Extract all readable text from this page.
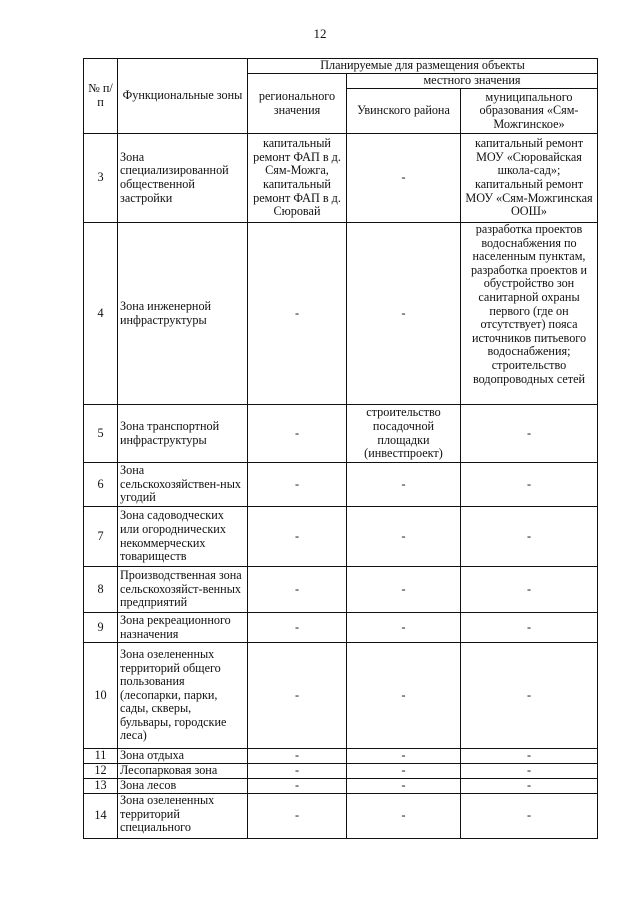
12
№ п/п	Функциональные зоны	Планируемые для размещения объекты		
		регионального значения	местного значения	
			Увинского района	муниципального образования «Сям-Можгинское»
3	Зона специализированной общественной застройки	капитальный ремонт ФАП в д. Сям-Можга, капитальный ремонт ФАП в д. Сюровай	-	капитальный ремонт МОУ «Сюровайская школа-сад»; капитальный ремонт МОУ «Сям-Можгинская ООШ»
4	Зона инженерной инфраструктуры	-	-	разработка проектов водоснабжения по населенным пунктам, разработка проектов и обустройство зон санитарной охраны первого (где он отсутствует) пояса источников питьевого водоснабжения; строительство водопроводных сетей
5	Зона транспортной инфраструктуры	-	строительство посадочной площадки (инвестпроект)	-
6	Зона сельскохозяйствен-ных угодий	-	-	-
7	Зона садоводческих или огороднических некоммерческих товариществ	-	-	-
8	Производственная зона сельскохозяйст-венных предприятий	-	-	-
9	Зона рекреационного назначения	-	-	-
10	Зона озелененных территорий общего пользования (лесопарки, парки, сады, скверы, бульвары, городские леса)	-	-	-
11	Зона отдыха	-	-	-
12	Лесопарковая зона	-	-	-
13	Зона лесов	-	-	-
14	Зона озелененных территорий специального	-	-	-
